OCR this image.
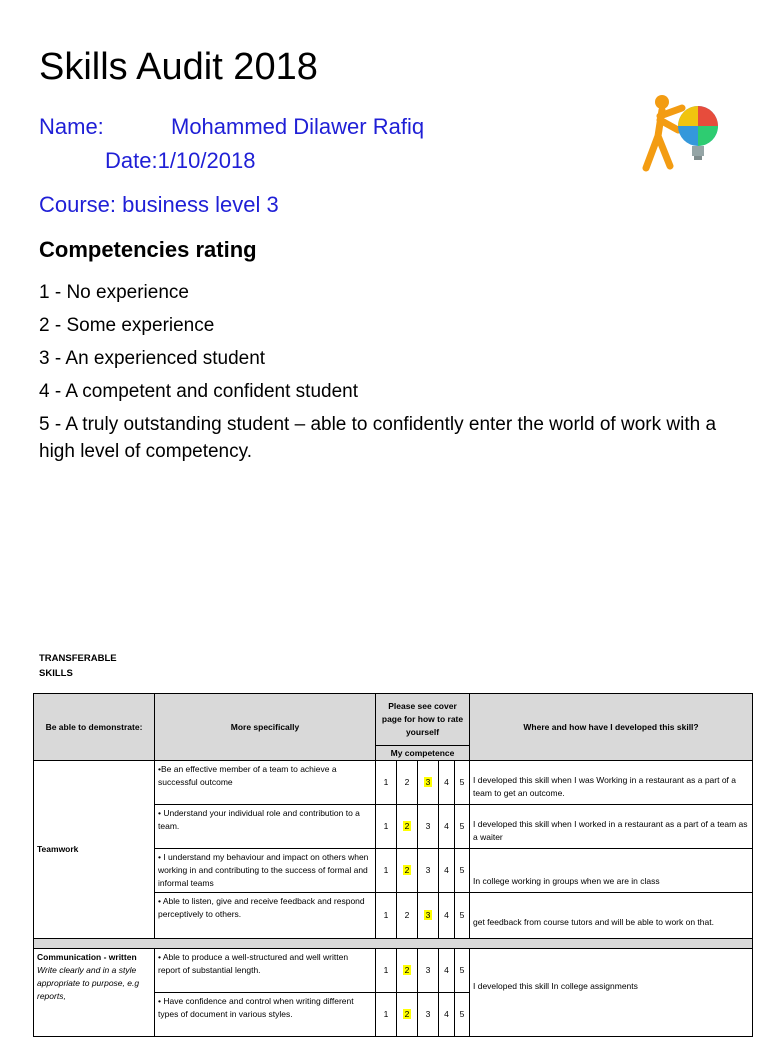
Skills Audit 2018
Name:	Mohammed Dilawer Rafiq
Date:1/10/2018
Course: business level 3
Competencies rating
1 - No experience
2 - Some experience
3 - An experienced student
4 - A competent and confident student
5 - A truly outstanding student – able to confidently enter the world of work with a high level of competency.
TRANSFERABLE SKILLS
Be able to demonstrate:	More specifically	Please see cover page for how to rate yourself					Where and how have I developed this skill?
		My competence					
Teamwork	•Be an effective member of a team to achieve a successful outcome	1	2	3	4	5	I developed this skill when I was Working in a restaurant as a part of a team to get an outcome.
	• Understand your individual role and contribution to a team.	1	2	3	4	5	I developed this skill when I worked in a restaurant as a part of a team as a waiter
	• I understand my behaviour and impact on others when working in and contributing to the success of formal and informal teams	1	2	3	4	5	In college working in groups when we are in class
	• Able to listen, give and receive feedback and respond perceptively to others.	1	2	3	4	5	get feedback from course tutors and will be able to work on that.

Communication - written
Write clearly and in a style appropriate to purpose, e.g reports,	• Able to produce a well-structured and well written report of substantial length.	1	2	3	4	5	I developed this skill In college assignments
	• Have confidence and control when writing different types of document in various styles.	1	2	3	4	5	
